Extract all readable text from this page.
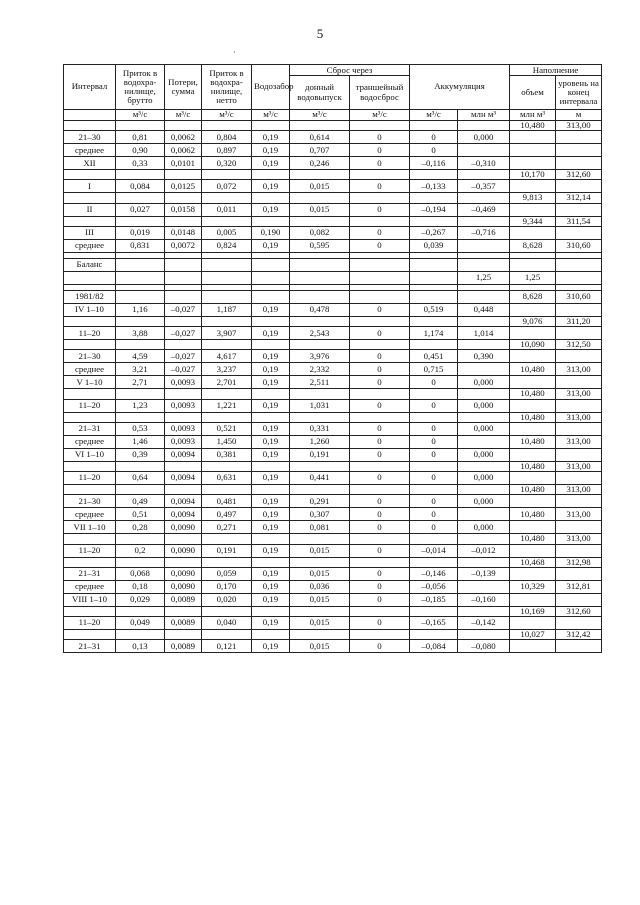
5
·
Интервал	Приток в водохра-нилище, брутто	Потери, сумма	Приток в водохра-нилище, нетто	Водозабор	Сброс через		Аккумуляция		Наполнение	
					донный водовыпуск	траншейный водосброс			объем	уровень на конец интервала
	м³/с	м³/с	м³/с	м³/с	м³/с	м³/с	м³/с	млн м³	млн м³	м
									10,480	313,00
21–30	0,81	0,0062	0,804	0,19	0,614	0	0	0,000		
среднее	0,90	0,0062	0,897	0,19	0,707	0	0			
XII	0,33	0,0101	0,320	0,19	0,246	0	–0,116	–0,310		
									10,170	312,60
I	0,084	0,0125	0,072	0,19	0,015	0	–0,133	–0,357		
									9,813	312,14
II	0,027	0,0158	0,011	0,19	0,015	0	–0,194	–0,469		
									9,344	311,54
III	0,019	0,0148	0,005	0,190	0,082	0	–0,267	–0,716		
среднее	0,831	0,0072	0,824	0,19	0,595	0	0,039		8,628	310,60

Баланс										
								1,25	1,25	

1981/82									8,628	310,60
IV 1–10	1,16	–0,027	1,187	0,19	0,478	0	0,519	0,448		
									9,076	311,20
11–20	3,88	–0,027	3,907	0,19	2,543	0	1,174	1,014		
									10,090	312,50
21–30	4,59	–0,027	4,617	0,19	3,976	0	0,451	0,390		
среднее	3,21	–0,027	3,237	0,19	2,332	0	0,715		10,480	313,00
V 1–10	2,71	0,0093	2,701	0,19	2,511	0	0	0,000		
									10,480	313,00
11–20	1,23	0,0093	1,221	0,19	1,031	0	0	0,000		
									10,480	313,00
21–31	0,53	0,0093	0,521	0,19	0,331	0	0	0,000		
среднее	1,46	0,0093	1,450	0,19	1,260	0	0		10,480	313,00
VI 1–10	0,39	0,0094	0,381	0,19	0,191	0	0	0,000		
									10,480	313,00
11–20	0,64	0,0094	0,631	0,19	0,441	0	0	0,000		
									10,480	313,00
21–30	0,49	0,0094	0,481	0,19	0,291	0	0	0,000		
среднее	0,51	0,0094	0,497	0,19	0,307	0	0		10,480	313,00
VII 1–10	0,28	0,0090	0,271	0,19	0,081	0	0	0,000		
									10,480	313,00
11–20	0,2	0,0090	0,191	0,19	0,015	0	–0,014	–0,012		
									10,468	312,98
21–31	0,068	0,0090	0,059	0,19	0,015	0	–0,146	–0,139		
среднее	0,18	0,0090	0,170	0,19	0,036	0	–0,056		10,329	312,81
VIII 1–10	0,029	0,0089	0,020	0,19	0,015	0	–0,185	–0,160		
									10,169	312,60
11–20	0,049	0,0089	0,040	0,19	0,015	0	–0,165	–0,142		
									10,027	312,42
21–31	0,13	0,0089	0,121	0,19	0,015	0	–0,084	–0,080		
